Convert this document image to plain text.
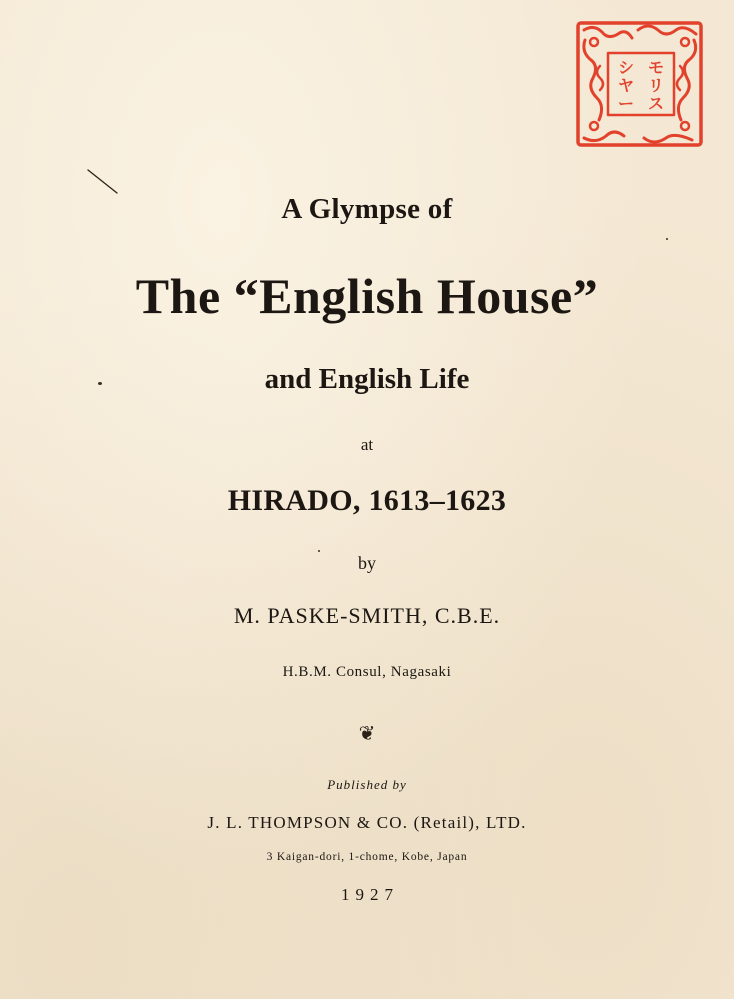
A Glympse of
The “English House”
and English Life
at
HIRADO, 1613–1623
by
M. PASKE-SMITH, C.B.E.
H.B.M. Consul, Nagasaki
❦
Published by
J. L. THOMPSON & CO. (Retail), LTD.
3 Kaigan-dori, 1-chome, Kobe, Japan
1927
モ
リ
ス
シ
ヤ
ー
